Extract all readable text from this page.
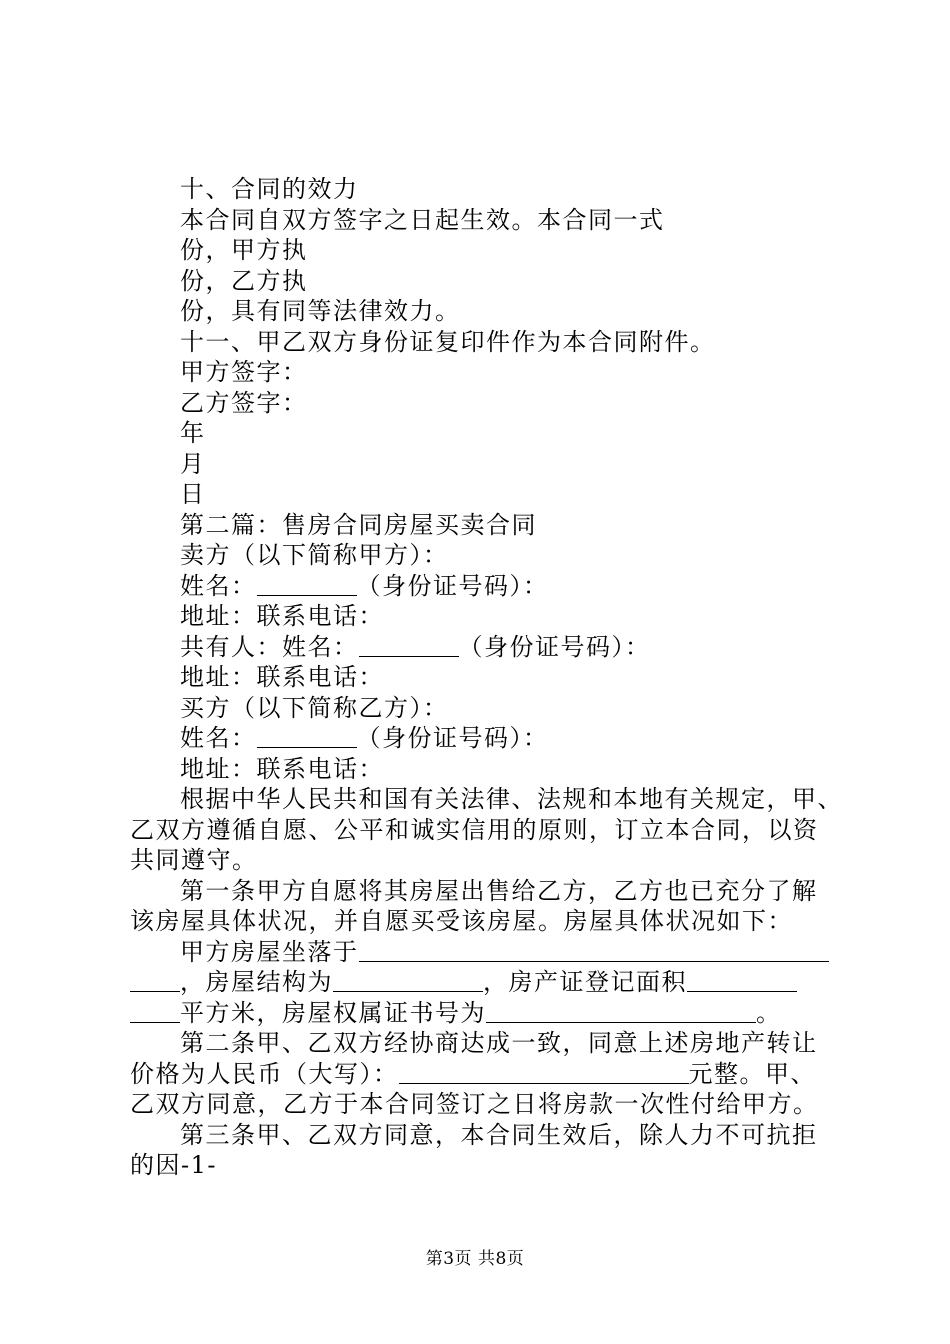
十、合同的效力
本合同自双方签字之日起生效。本合同一式
份，甲方执
份，乙方执
份，具有同等法律效力。
十一、甲乙双方身份证复印件作为本合同附件。
甲方签字：
乙方签字：
年
月
日
第二篇：售房合同房屋买卖合同
卖方（以下简称甲方）：
姓名：	（身份证号码）：
地址：联系电话：
共有人：姓名：	（身份证号码）：
地址：联系电话：
买方（以下简称乙方）：
姓名：	（身份证号码）：
地址：联系电话：
根据中华人民共和国有关法律、法规和本地有关规定，甲、
乙双方遵循自愿、公平和诚实信用的原则，订立本合同，以资
共同遵守。
第一条甲方自愿将其房屋出售给乙方，乙方也已充分了解
该房屋具体状况，并自愿买受该房屋。房屋具体状况如下：
甲方房屋坐落于
，房屋结构为	，房产证登记面积
平方米，房屋权属证书号为	。
第二条甲、乙双方经协商达成一致，同意上述房地产转让
价格为人民币（大写）：	元整。甲、
乙双方同意，乙方于本合同签订之日将房款一次性付给甲方。
第三条甲、乙双方同意，本合同生效后，除人力不可抗拒
的因-1-
第3页 共8页
